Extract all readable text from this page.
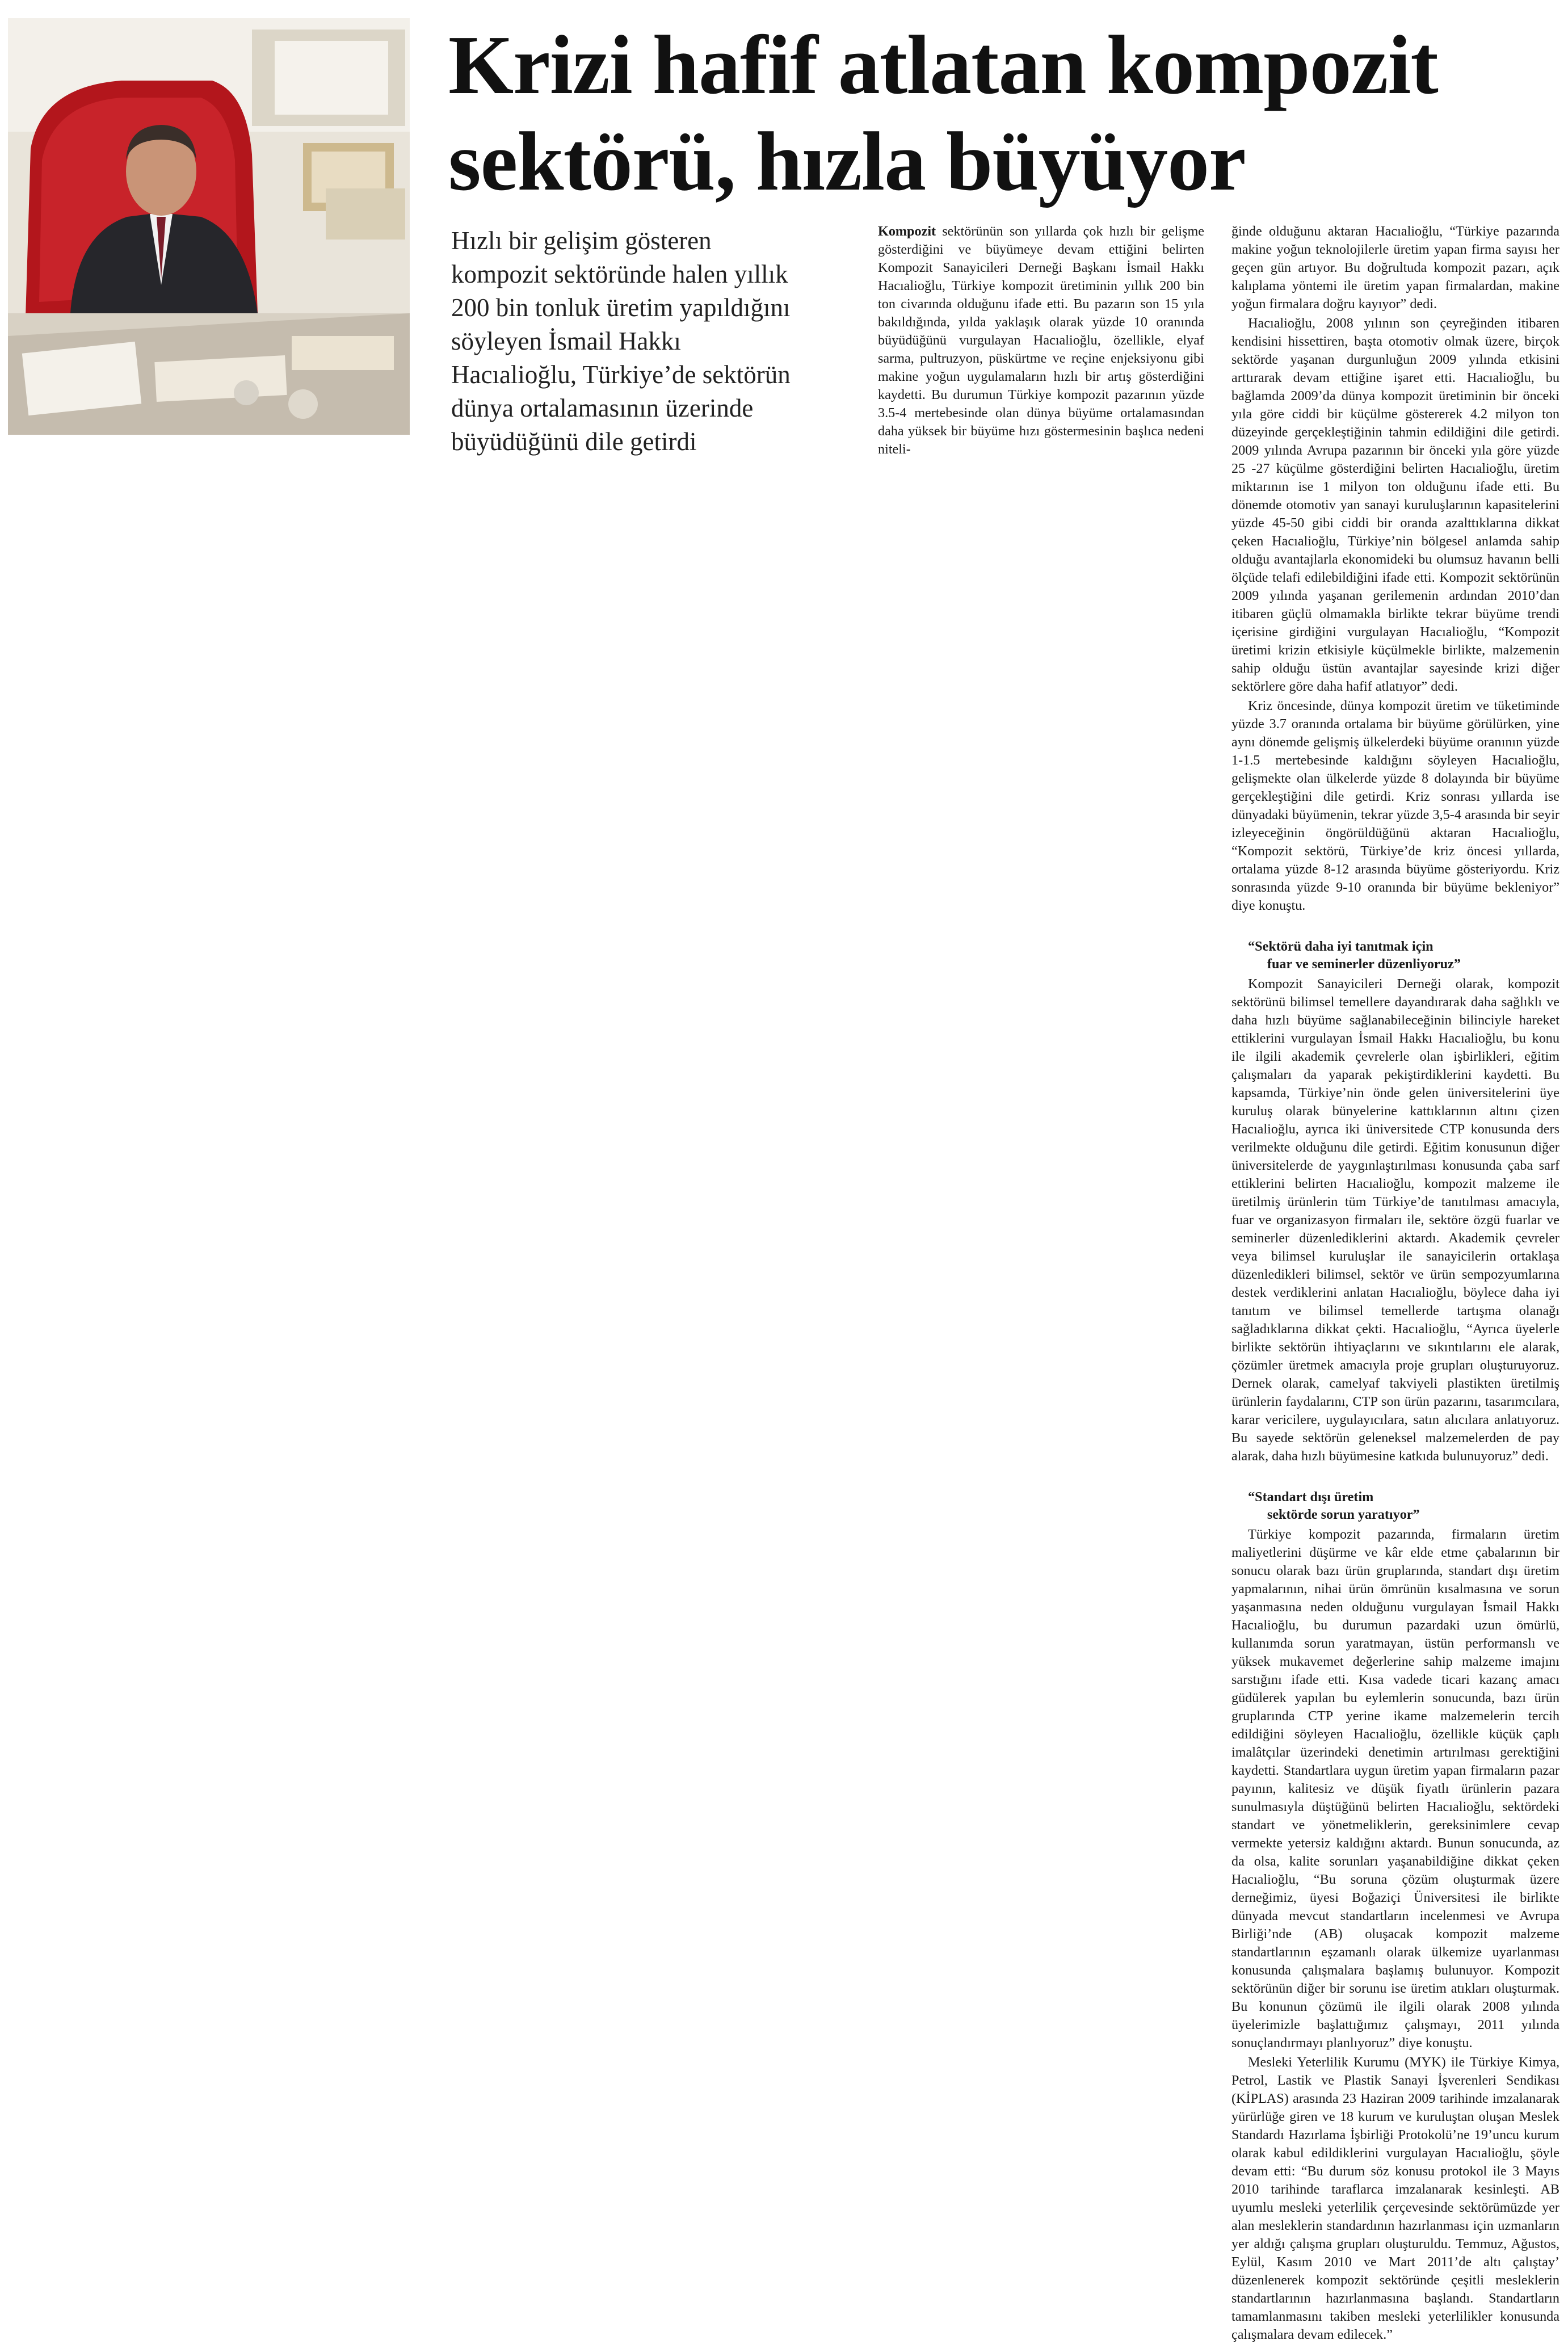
Krizi hafif atlatan kompozit
sektörü, hızla büyüyor

Hızlı bir gelişim gösteren
kompozit sektöründe halen yıllık
200 bin tonluk üretim yapıldığını
söyleyen İsmail Hakkı
Hacıalioğlu, Türkiye’de sektörün
dünya ortalamasının üzerinde
büyüdüğünü dile getirdi

Kompozit sektörünün son yıllarda çok hızlı bir gelişme gösterdiğini ve büyümeye devam ettiğini belirten Kompozit Sanayicileri Derneği Başkanı İsmail Hakkı Hacıalioğlu, Türkiye kompozit üretiminin yıllık 200 bin ton civarında olduğunu ifade etti. Bu pazarın son 15 yıla bakıldığında, yılda yaklaşık olarak yüzde 10 oranında büyüdüğünü vurgulayan Hacıalioğlu, özellikle, elyaf sarma, pultruzyon, püskürtme ve reçine enjeksiyonu gibi makine yoğun uygulamaların hızlı bir artış gösterdiğini kaydetti. Bu durumun Türkiye kompozit pazarının yüzde 3.5-4 mertebesinde olan dünya büyüme ortalamasından daha yüksek bir büyüme hızı göstermesinin başlıca nedeni niteli-

ğinde olduğunu aktaran Hacıalioğlu, “Türkiye pazarında makine yoğun teknolojilerle üretim yapan firma sayısı her geçen gün artıyor. Bu doğrultuda kompozit pazarı, açık kalıplama yöntemi ile üretim yapan firmalardan, makine yoğun firmalara doğru kayıyor” dedi.

Hacıalioğlu, 2008 yılının son çeyreğinden itibaren kendisini hissettiren, başta otomotiv olmak üzere, birçok sektörde yaşanan durgunluğun 2009 yılında etkisini arttırarak devam ettiğine işaret etti. Hacıalioğlu, bu bağlamda 2009’da dünya kompozit üretiminin bir önceki yıla göre ciddi bir küçülme göstererek 4.2 milyon ton düzeyinde gerçekleştiğinin tahmin edildiğini dile getirdi. 2009 yılında Avrupa pazarının bir önceki yıla göre yüzde 25 -27 küçülme gösterdiğini belirten Hacıalioğlu, üretim miktarının ise 1 milyon ton olduğunu ifade etti. Bu dönemde otomotiv yan sanayi kuruluşlarının kapasitelerini yüzde 45-50 gibi ciddi bir oranda azalttıklarına dikkat çeken Hacıalioğlu, Türkiye’nin bölgesel anlamda sahip olduğu avantajlarla ekonomideki bu olumsuz havanın belli ölçüde telafi edilebildiğini ifade etti. Kompozit sektörünün 2009 yılında yaşanan gerilemenin ardından 2010’dan itibaren güçlü olmamakla birlikte tekrar büyüme trendi içerisine girdiğini vurgulayan Hacıalioğlu, “Kompozit üretimi krizin etkisiyle küçülmekle birlikte, malzemenin sahip olduğu üstün avantajlar sayesinde krizi diğer sektörlere göre daha hafif atlatıyor” dedi.

Kriz öncesinde, dünya kompozit üretim ve tüketiminde yüzde 3.7 oranında ortalama bir büyüme görülürken, yine aynı dönemde gelişmiş ülkelerdeki büyüme oranının yüzde 1-1.5 mertebesinde kaldığını söyleyen Hacıalioğlu, gelişmekte olan ülkelerde yüzde 8 dolayında bir büyüme gerçekleştiğini dile getirdi. Kriz sonrası yıllarda ise dünyadaki büyümenin, tekrar yüzde 3,5-4 arasında bir seyir izleyeceğinin öngörüldüğünü aktaran Hacıalioğlu, “Kompozit sektörü, Türkiye’de kriz öncesi yıllarda, ortalama yüzde 8-12 arasında büyüme gösteriyordu. Kriz sonrasında yüzde 9-10 oranında bir büyüme bekleniyor” diye konuştu.

“Sektörü daha iyi tanıtmak için
fuar ve seminerler düzenliyoruz”

Kompozit Sanayicileri Derneği olarak, kompozit sektörünü bilimsel temellere dayandırarak daha sağlıklı ve daha hızlı büyüme sağlanabileceğinin bilinciyle hareket ettiklerini vurgulayan İsmail Hakkı Hacıalioğlu, bu konu ile ilgili akademik çevrelerle olan işbirlikleri, eğitim çalışmaları da yaparak pekiştirdiklerini kaydetti. Bu kapsamda, Türkiye’nin önde gelen üniversitelerini üye kuruluş olarak bünyelerine kattıklarının altını çizen Hacıalioğlu, ayrıca iki üniversitede CTP konusunda ders verilmekte olduğunu dile getirdi. Eğitim konusunun diğer üniversitelerde de yaygınlaştırılması konusunda çaba sarf ettiklerini belirten Hacıalioğlu, kompozit malzeme ile üretilmiş ürünlerin tüm Türkiye’de tanıtılması amacıyla, fuar ve organizasyon firmaları ile, sektöre özgü fuarlar ve seminerler düzenlediklerini aktardı. Akademik çevreler veya bilimsel kuruluşlar ile sanayicilerin ortaklaşa düzenledikleri bilimsel, sektör ve ürün sempozyumlarına destek verdiklerini anlatan Hacıalioğlu, böylece daha iyi tanıtım ve bilimsel temellerde tartışma olanağı sağladıklarına dikkat çekti. Hacıalioğlu, “Ayrıca üyelerle birlikte sektörün ihtiyaçlarını ve sıkıntılarını ele alarak, çözümler üretmek amacıyla proje grupları oluşturuyoruz. Dernek olarak, camelyaf takviyeli plastikten üretilmiş ürünlerin faydalarını, CTP son ürün pazarını, tasarımcılara, karar vericilere, uygulayıcılara, satın alıcılara anlatıyoruz. Bu sayede sektörün geleneksel malzemelerden de pay alarak, daha hızlı büyümesine katkıda bulunuyoruz” dedi.

“Standart dışı üretim
sektörde sorun yaratıyor”

Türkiye kompozit pazarında, firmaların üretim maliyetlerini düşürme ve kâr elde etme çabalarının bir sonucu olarak bazı ürün gruplarında, standart dışı üretim yapmalarının, nihai ürün ömrünün kısalmasına ve sorun yaşanmasına neden olduğunu vurgulayan İsmail Hakkı Hacıalioğlu, bu durumun pazardaki uzun ömürlü, kullanımda sorun yaratmayan, üstün performanslı ve yüksek mukavemet değerlerine sahip malzeme imajını sarstığını ifade etti. Kısa vadede ticari kazanç amacı güdülerek yapılan bu eylemlerin sonucunda, bazı ürün gruplarında CTP yerine ikame malzemelerin tercih edildiğini söyleyen Hacıalioğlu, özellikle küçük çaplı imalâtçılar üzerindeki denetimin artırılması gerektiğini kaydetti. Standartlara uygun üretim yapan firmaların pazar payının, kalitesiz ve düşük fiyatlı ürünlerin pazara sunulmasıyla düştüğünü belirten Hacıalioğlu, sektördeki standart ve yönetmeliklerin, gereksinimlere cevap vermekte yetersiz kaldığını aktardı. Bunun sonucunda, az da olsa, kalite sorunları yaşanabildiğine dikkat çeken Hacıalioğlu, “Bu soruna çözüm oluşturmak üzere derneğimiz, üyesi Boğaziçi Üniversitesi ile birlikte dünyada mevcut standartların incelenmesi ve Avrupa Birliği’nde (AB) oluşacak kompozit malzeme standartlarının eşzamanlı olarak ülkemize uyarlanması konusunda çalışmalara başlamış bulunuyor. Kompozit sektörünün diğer bir sorunu ise üretim atıkları oluşturmak. Bu konunun çözümü ile ilgili olarak 2008 yılında üyelerimizle başlattığımız çalışmayı, 2011 yılında sonuçlandırmayı planlıyoruz” diye konuştu.

Mesleki Yeterlilik Kurumu (MYK) ile Türkiye Kimya, Petrol, Lastik ve Plastik Sanayi İşverenleri Sendikası (KİPLAS) arasında 23 Haziran 2009 tarihinde imzalanarak yürürlüğe giren ve 18 kurum ve kuruluştan oluşan Meslek Standardı Hazırlama İşbirliği Protokolü’ne 19’uncu kurum olarak kabul edildiklerini vurgulayan Hacıalioğlu, şöyle devam etti: “Bu durum söz konusu protokol ile 3 Mayıs 2010 tarihinde taraflarca imzalanarak kesinleşti. AB uyumlu mesleki yeterlilik çerçevesinde sektörümüzde yer alan mesleklerin standardının hazırlanması için uzmanların yer aldığı çalışma grupları oluşturuldu. Temmuz, Ağustos, Eylül, Kasım 2010 ve Mart 2011’de altı çalıştay’ düzenlenerek kompozit sektöründe çeşitli mesleklerin standartlarının hazırlanmasına başlandı. Standartların tamamlanmasını takiben mesleki yeterlilikler konusunda çalışmalara devam edilecek.”
